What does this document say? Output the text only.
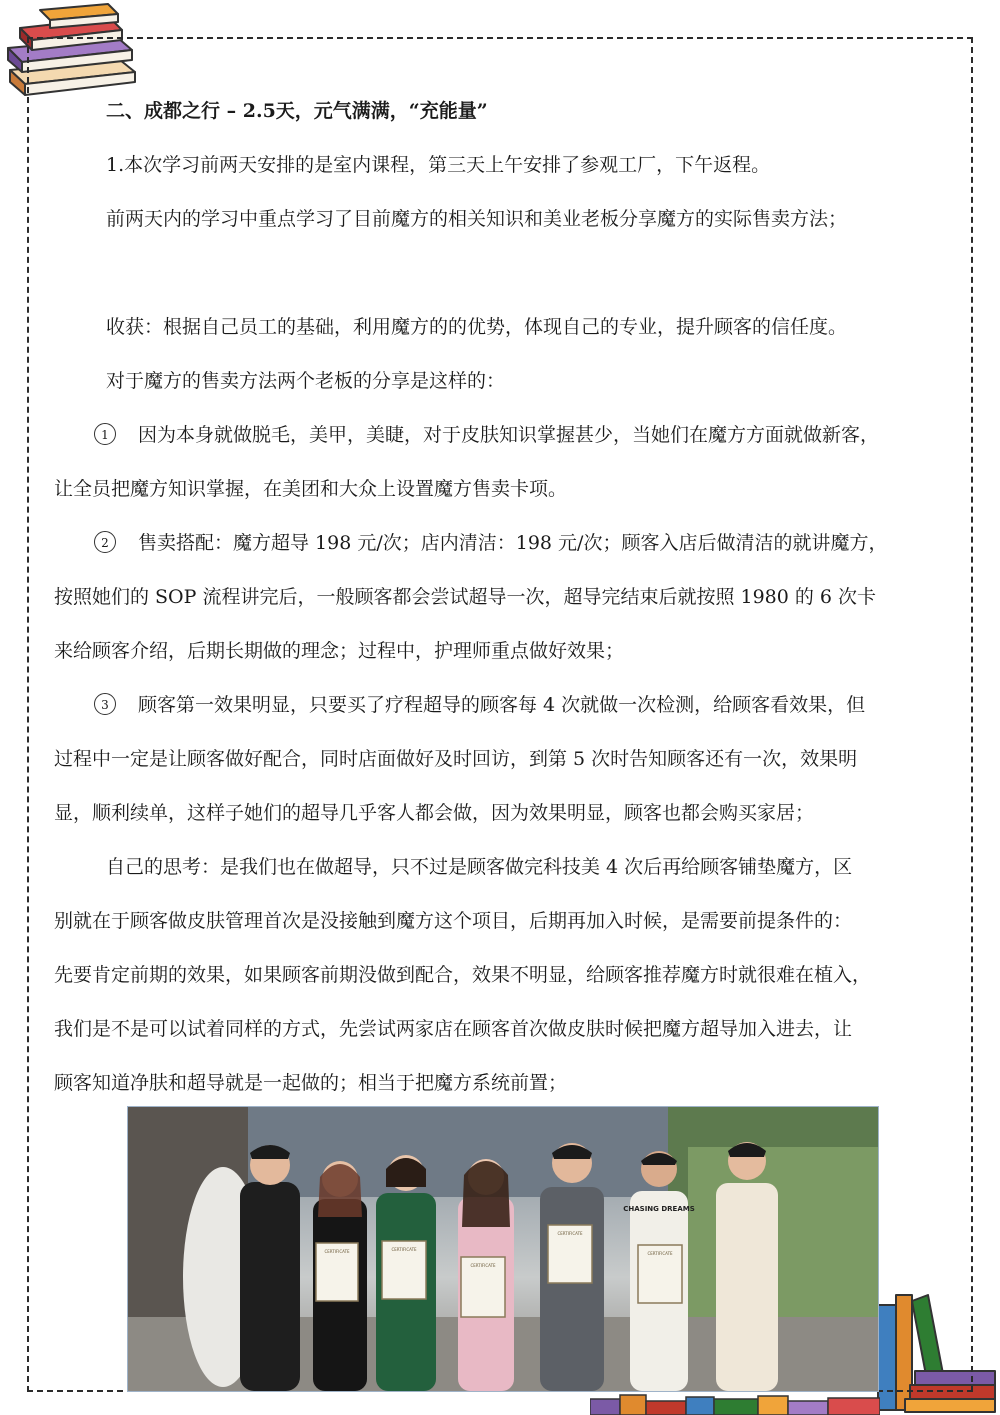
二、成都之行 – 2.5天，元气满满，“充能量”
1.本次学习前两天安排的是室内课程，第三天上午安排了参观工厂，下午返程。
前两天内的学习中重点学习了目前魔方的相关知识和美业老板分享魔方的实际售卖方法；
收获：根据自己员工的基础，利用魔方的的优势，体现自己的专业，提升顾客的信任度。
对于魔方的售卖方法两个老板的分享是这样的：
1 因为本身就做脱毛，美甲，美睫，对于皮肤知识掌握甚少，当她们在魔方方面就做新客，
让全员把魔方知识掌握，在美团和大众上设置魔方售卖卡项。
2 售卖搭配：魔方超导 198 元/次；店内清洁：198 元/次；顾客入店后做清洁的就讲魔方，
按照她们的 SOP 流程讲完后，一般顾客都会尝试超导一次，超导完结束后就按照 1980 的 6 次卡
来给顾客介绍，后期长期做的理念；过程中，护理师重点做好效果；
3 顾客第一效果明显，只要买了疗程超导的顾客每 4 次就做一次检测，给顾客看效果，但
过程中一定是让顾客做好配合，同时店面做好及时回访，到第 5 次时告知顾客还有一次，效果明
显，顺利续单，这样子她们的超导几乎客人都会做，因为效果明显，顾客也都会购买家居；
自己的思考：是我们也在做超导，只不过是顾客做完科技美 4 次后再给顾客铺垫魔方，区
别就在于顾客做皮肤管理首次是没接触到魔方这个项目，后期再加入时候，是需要前提条件的：
先要肯定前期的效果，如果顾客前期没做到配合，效果不明显，给顾客推荐魔方时就很难在植入，
我们是不是可以试着同样的方式，先尝试两家店在顾客首次做皮肤时候把魔方超导加入进去，让
顾客知道净肤和超导就是一起做的；相当于把魔方系统前置；
CERTIFICATE	CERTIFICATE
CERTIFICATE
CERTIFICATE
CERTIFICATE
CHASING DREAMS
